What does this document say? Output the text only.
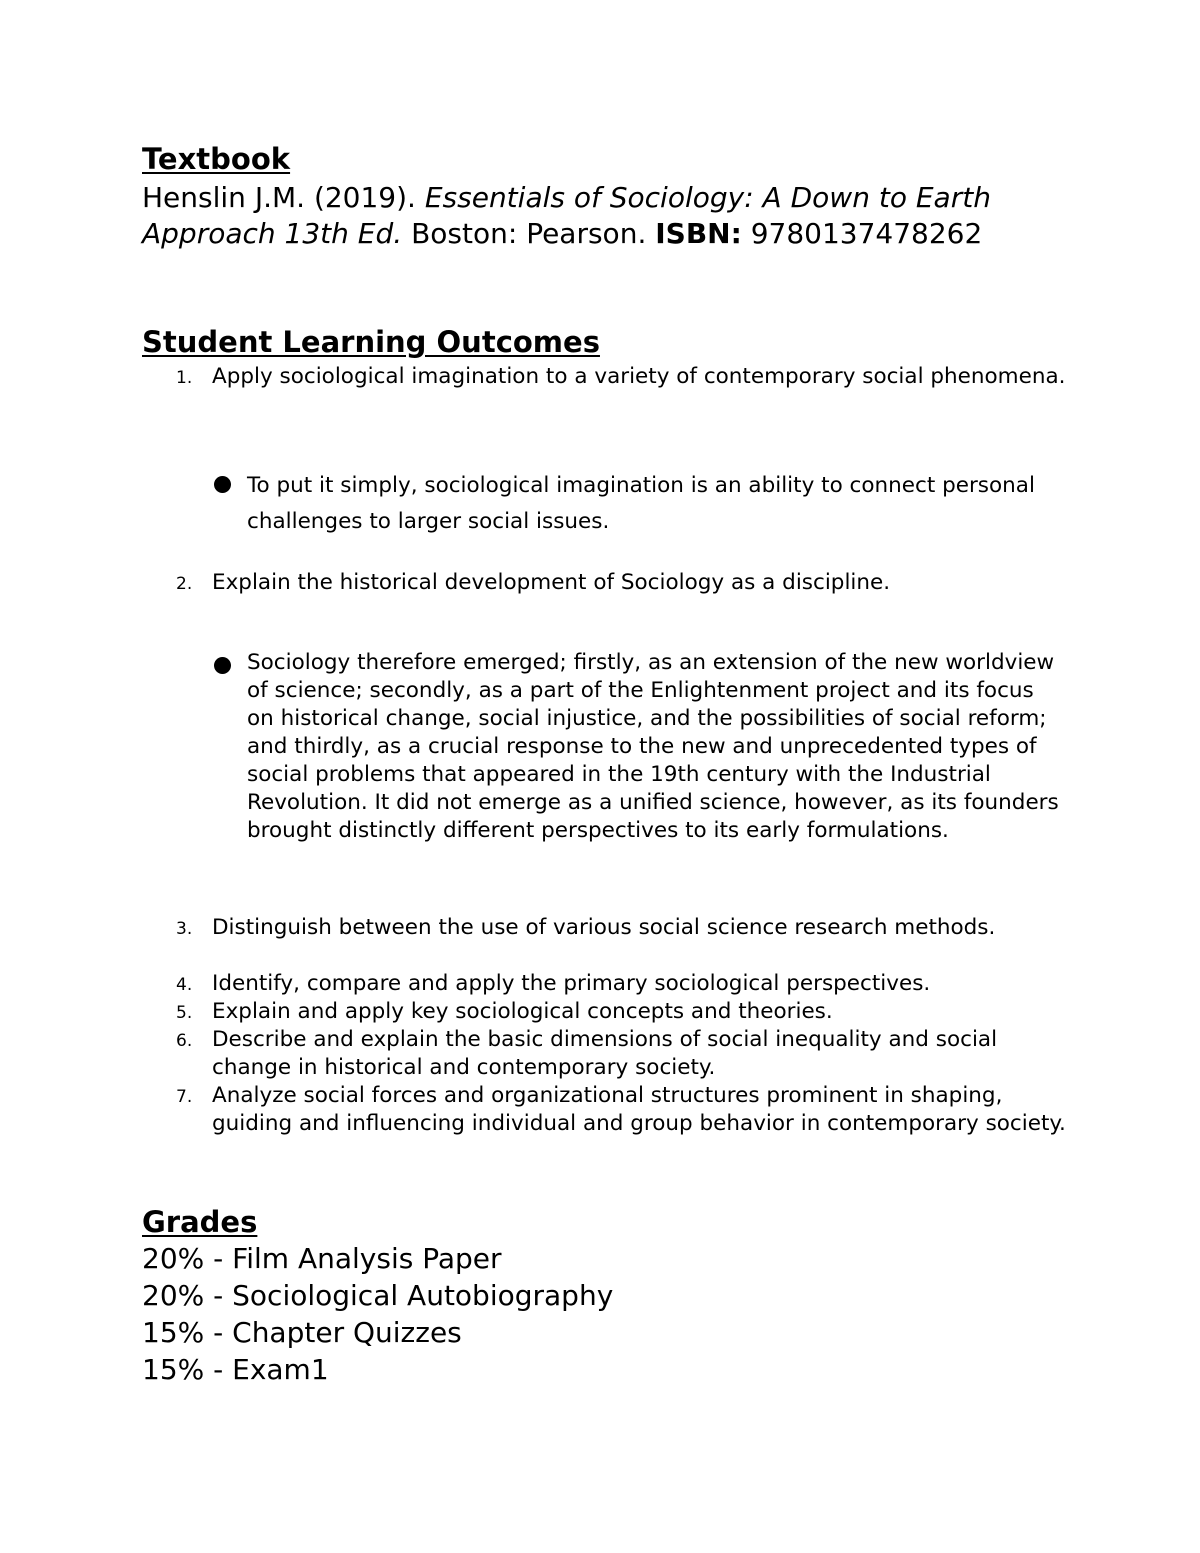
Textbook

Henslin J.M. (2019). Essentials of Sociology: A Down to Earth Approach 13th Ed. Boston: Pearson. ISBN: 9780137478262

Student Learning Outcomes
1. Apply sociological imagination to a variety of contemporary social phenomena.

To put it simply, sociological imagination is an ability to connect personal challenges to larger social issues.

2. Explain the historical development of Sociology as a discipline.

Sociology therefore emerged; firstly, as an extension of the new worldview of science; secondly, as a part of the Enlightenment project and its focus on historical change, social injustice, and the possibilities of social reform; and thirdly, as a crucial response to the new and unprecedented types of social problems that appeared in the 19th century with the Industrial Revolution. It did not emerge as a unified science, however, as its founders brought distinctly different perspectives to its early formulations.

3. Distinguish between the use of various social science research methods.

4. Identify, compare and apply the primary sociological perspectives.

5. Explain and apply key sociological concepts and theories.

6. Describe and explain the basic dimensions of social inequality and social change in historical and contemporary society.

7. Analyze social forces and organizational structures prominent in shaping, guiding and influencing individual and group behavior in contemporary society.

Grades

20% - Film Analysis Paper

20% - Sociological Autobiography

15% - Chapter Quizzes

15% - Exam1
